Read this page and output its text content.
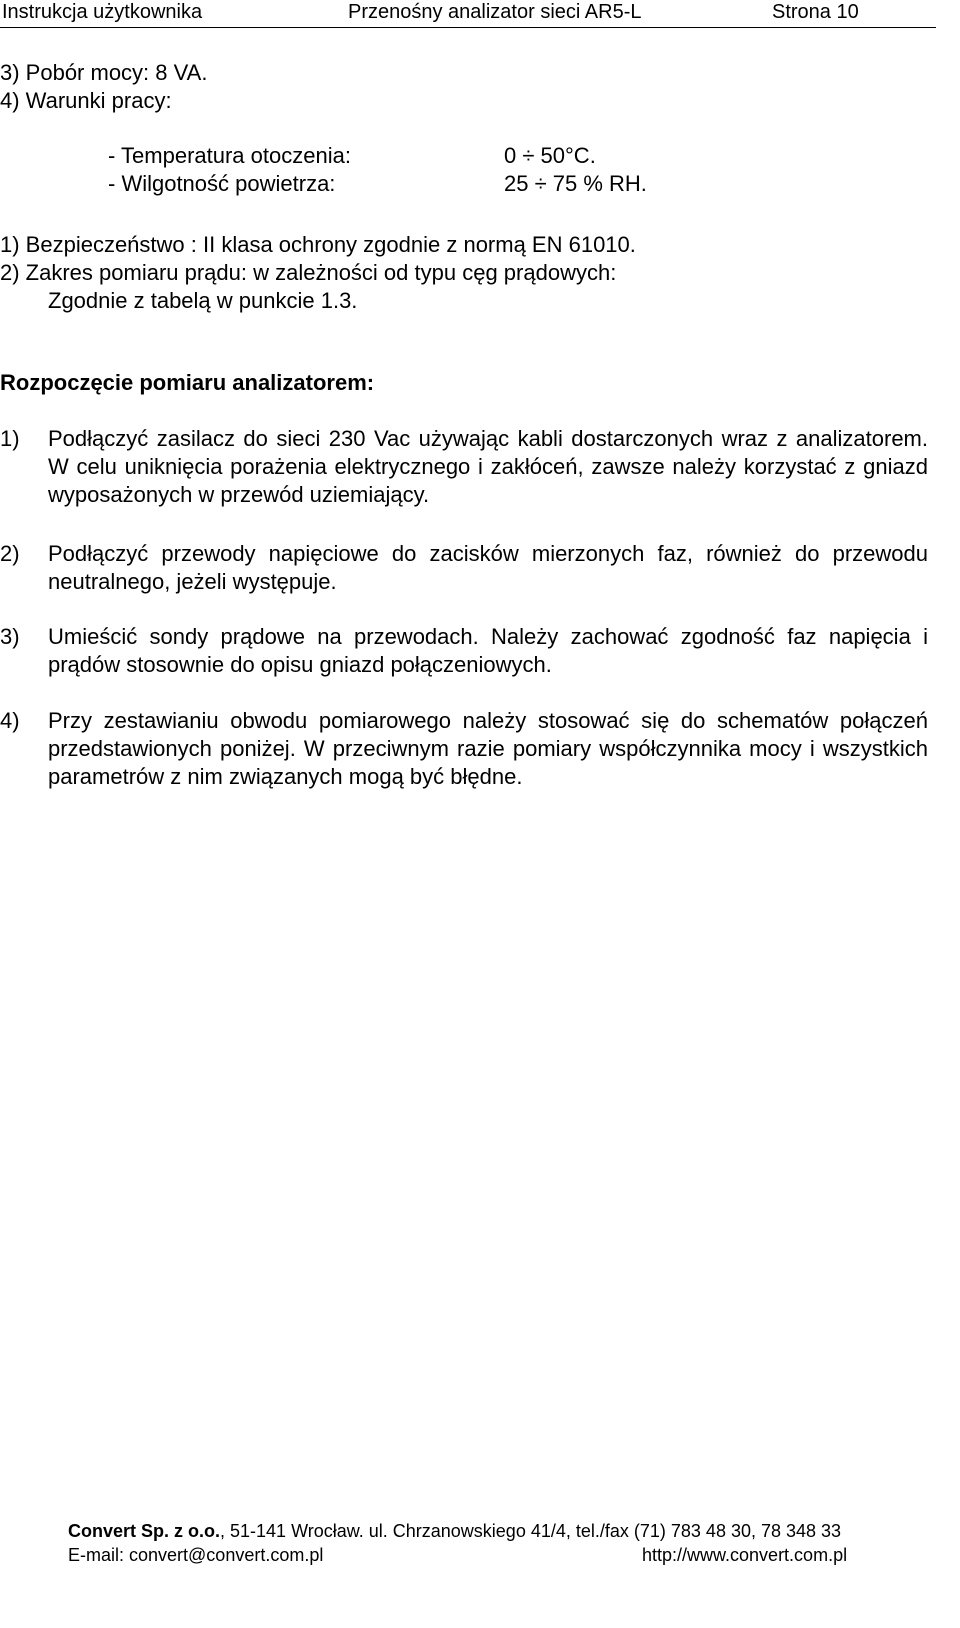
Instrukcja użytkownika	Przenośny analizator sieci AR5-L	Strona 10
3) Pobór mocy: 8 VA.
4) Warunki pracy:
- Temperatura otoczenia:	0 ÷ 50°C.
- Wilgotność powietrza:	25 ÷ 75 % RH.
1) Bezpieczeństwo : II klasa ochrony zgodnie z normą EN 61010.
2) Zakres pomiaru prądu: w zależności od typu cęg prądowych:
Zgodnie z tabelą w punkcie 1.3.
Rozpoczęcie pomiaru analizatorem:
1) Podłączyć zasilacz do sieci 230 Vac używając kabli dostarczonych wraz z analizatorem. W celu uniknięcia porażenia elektrycznego i zakłóceń, zawsze należy korzystać z gniazd wyposażonych w przewód uziemiający.
2) Podłączyć przewody napięciowe do zacisków mierzonych faz, również do przewodu neutralnego, jeżeli występuje.
3) Umieścić sondy prądowe na przewodach. Należy zachować zgodność faz napięcia i prądów stosownie do opisu gniazd połączeniowych.
4) Przy zestawianiu obwodu pomiarowego należy stosować się do schematów połączeń przedstawionych poniżej. W przeciwnym razie pomiary współczynnika mocy i wszystkich parametrów z nim związanych mogą być błędne.
Convert Sp. z o.o., 51-141 Wrocław. ul. Chrzanowskiego 41/4, tel./fax (71) 783 48 30, 78 348 33
E-mail: convert@convert.com.pl	http://www.convert.com.pl
